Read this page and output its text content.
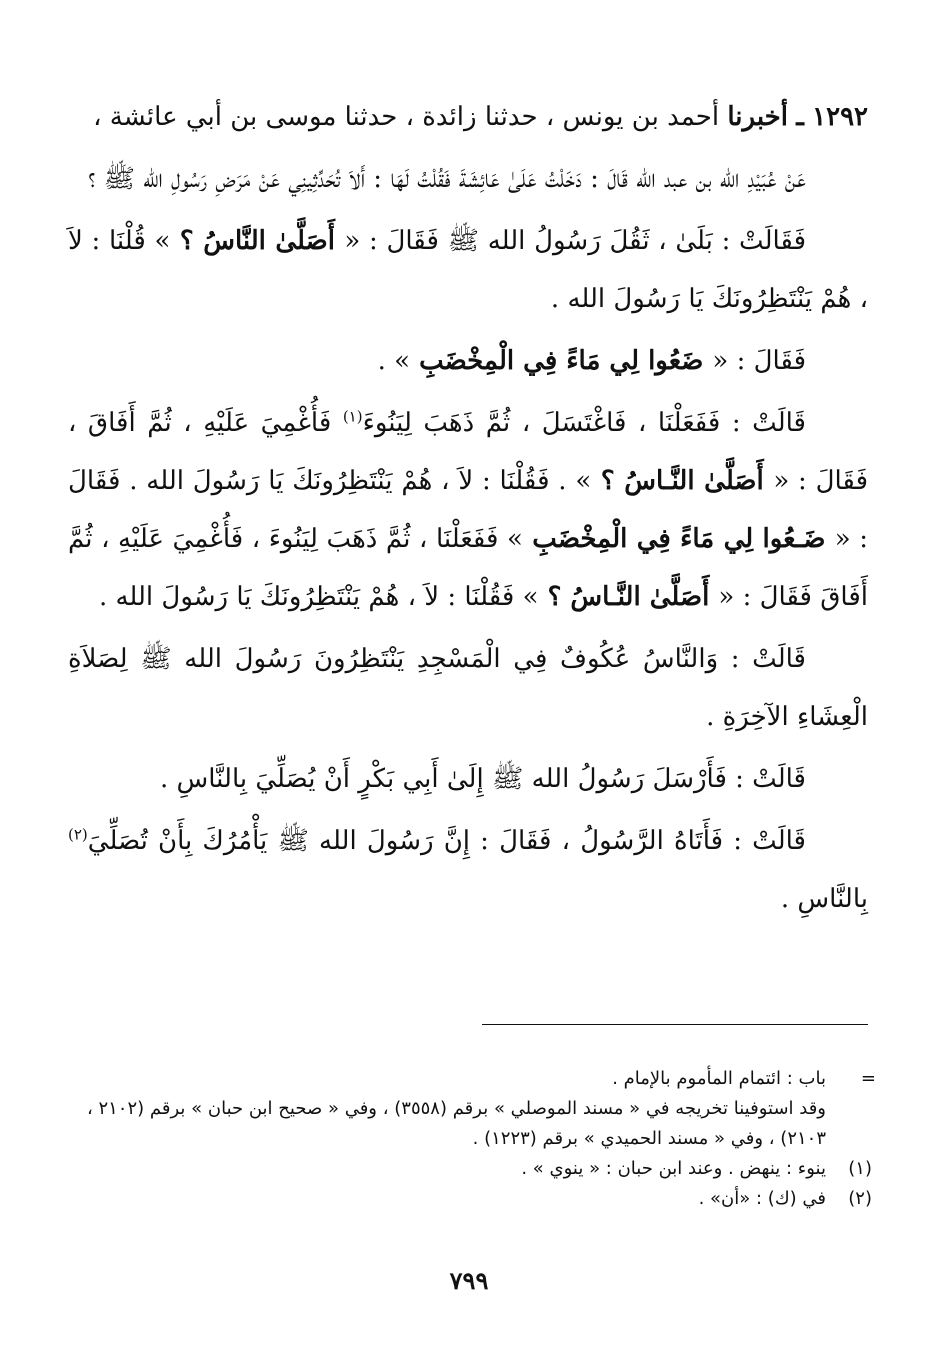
١٢٩٢ ـ أخبرنا أحمد بن يونس ، حدثنا زائدة ، حدثنا موسى بن أبي عائشة ،

عَنْ عُبَيْدِ الله بن عبد الله قَالَ : دَخَلْتُ عَلَىٰ عَائِشَةَ فَقُلْتُ لَهَا : أَلاَ تُحَدِّثِينِي عَنْ مَرَضِ رَسُولِ الله ﷺ ؟

فَقَالَتْ : بَلَىٰ ، ثَقُلَ رَسُولُ الله ﷺ فَقَالَ : « أَصَلَّىٰ النَّاسُ ؟ » قُلْنَا : لاَ ، هُمْ يَنْتَظِرُونَكَ يَا رَسُولَ الله .

فَقَالَ : « ضَعُوا لِي مَاءً فِي الْمِخْضَبِ » .

قَالَتْ : فَفَعَلْنَا ، فَاغْتَسَلَ ، ثُمَّ ذَهَبَ لِيَنُوءَ$^{(١)}$ فَأُغْمِيَ عَلَيْهِ ، ثُمَّ أَفَاقَ ، فَقَالَ : « أَصَلَّىٰ النَّـاسُ ؟ » . فَقُلْنَا : لاَ ، هُمْ يَنْتَظِرُونَكَ يَا رَسُولَ الله . فَقَالَ : « ضَـعُوا لِي مَاءً فِي الْمِخْضَبِ » فَفَعَلْنَا ، ثُمَّ ذَهَبَ لِيَنُوءَ ، فَأُغْمِيَ عَلَيْهِ ، ثُمَّ أَفَاقَ فَقَالَ : « أَصَلَّىٰ النَّـاسُ ؟ » فَقُلْنَا : لاَ ، هُمْ يَنْتَظِرُونَكَ يَا رَسُولَ الله .

قَالَتْ : وَالنَّاسُ عُكُوفٌ فِي الْمَسْجِدِ يَنْتَظِرُونَ رَسُولَ الله ﷺ لِصَلاَةِ الْعِشَاءِ الآخِرَةِ .

قَالَتْ : فَأَرْسَلَ رَسُولُ الله ﷺ إِلَىٰ أَبِي بَكْرٍ أَنْ يُصَلِّيَ بِالنَّاسِ .

قَالَتْ : فَأَتَاهُ الرَّسُولُ ، فَقَالَ : إِنَّ رَسُولَ الله ﷺ يَأْمُرُكَ بِأَنْ تُصَلِّيَ$^{(٢)}$ بِالنَّاسِ .

=
باب : ائتمام المأموم بالإمام .

وقد استوفينا تخريجه في « مسند الموصلي » برقم (٣٥٥٨) ، وفي « صحيح ابن حبان » برقم (٢١٠٢ ، ٢١٠٣) ، وفي « مسند الحميدي » برقم (١٢٢٣) .

(١)
ينوء : ينهض . وعند ابن حبان : « ينوي » .

(٢)
في (ك) : «أن» .

٧٩٩
